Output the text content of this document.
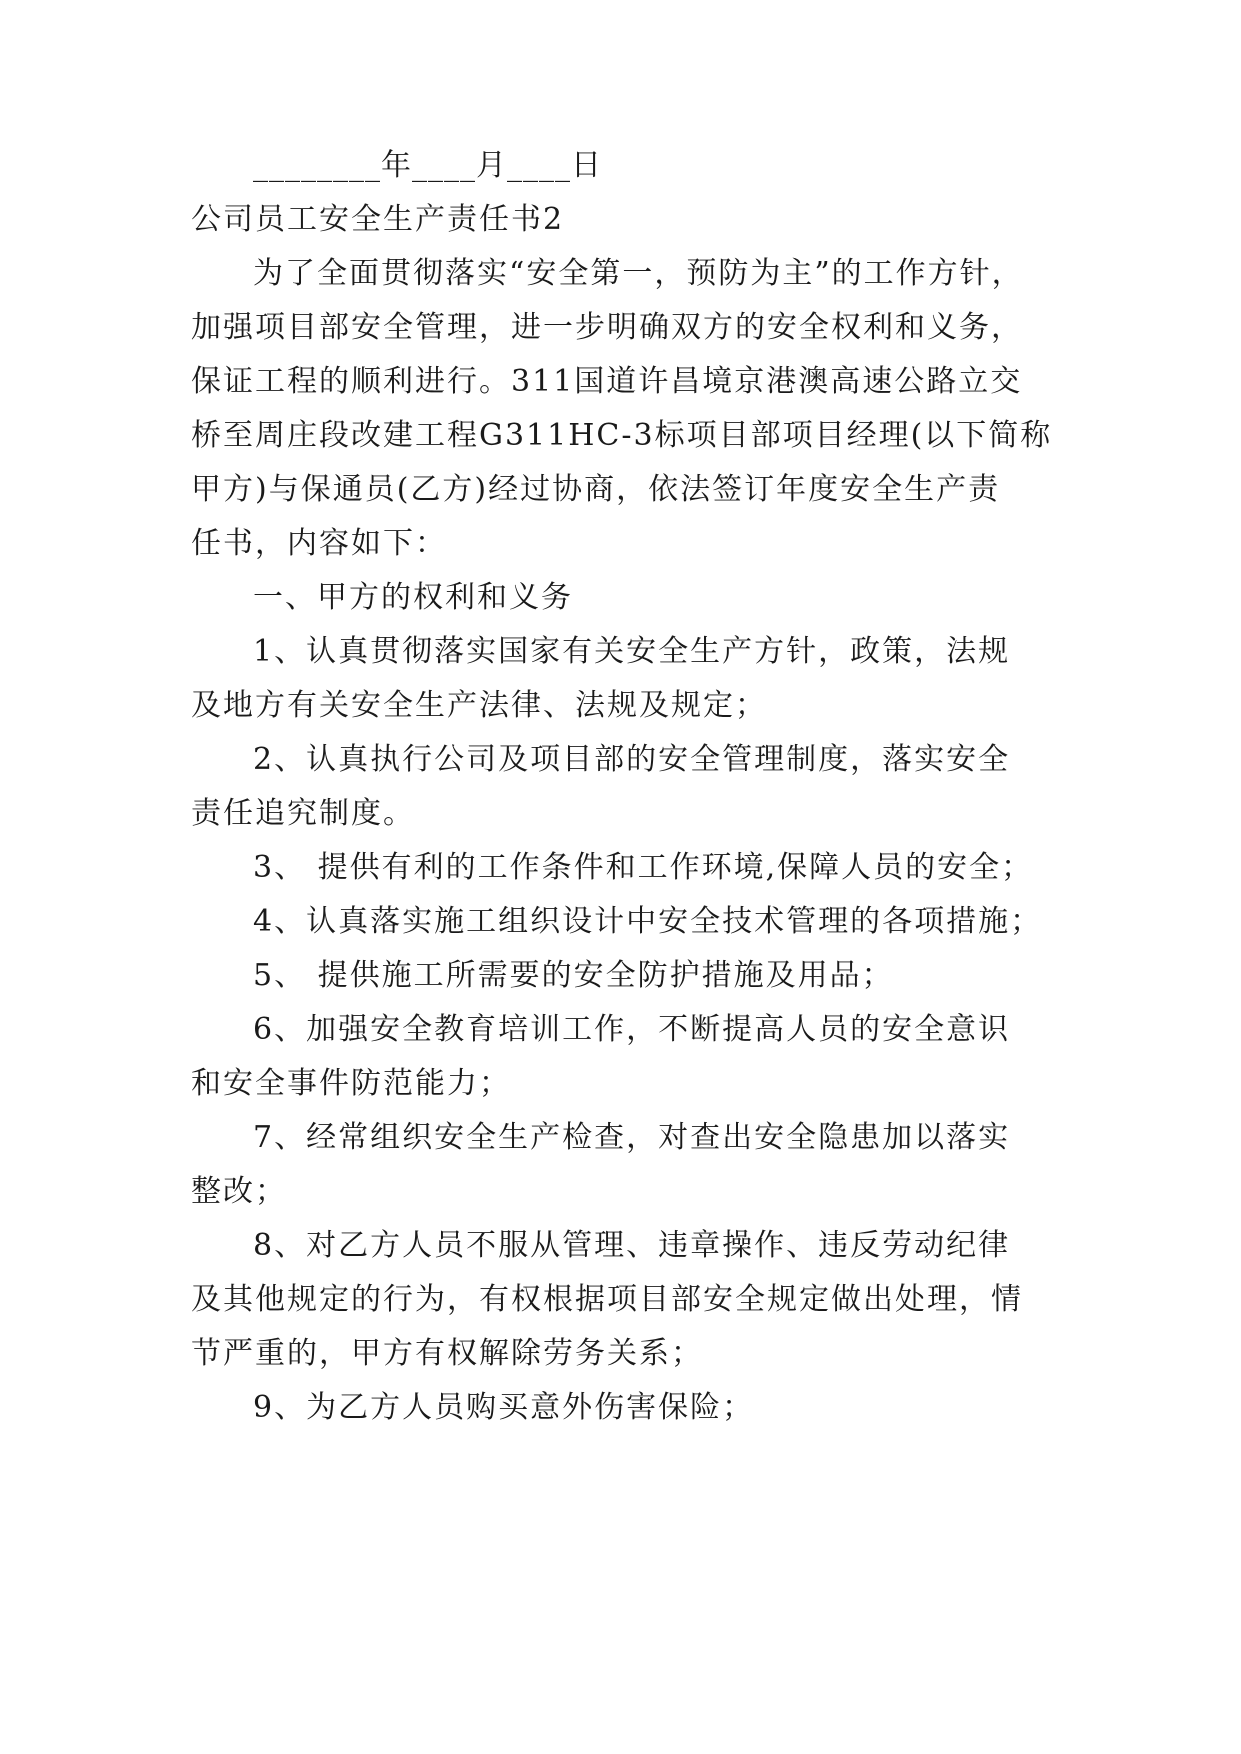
________年____月____日
公司员工安全生产责任书2
为了全面贯彻落实“安全第一，预防为主”的工作方针，
加强项目部安全管理，进一步明确双方的安全权利和义务，
保证工程的顺利进行。311国道许昌境京港澳高速公路立交
桥至周庄段改建工程G311HC-3标项目部项目经理(以下简称
甲方)与保通员(乙方)经过协商，依法签订年度安全生产责
任书，内容如下：
一、甲方的权利和义务
1、认真贯彻落实国家有关安全生产方针，政策，法规
及地方有关安全生产法律、法规及规定；
2、认真执行公司及项目部的安全管理制度，落实安全
责任追究制度。
3、 提供有利的工作条件和工作环境,保障人员的安全；
4、认真落实施工组织设计中安全技术管理的各项措施；
5、 提供施工所需要的安全防护措施及用品；
6、加强安全教育培训工作，不断提高人员的安全意识
和安全事件防范能力；
7、经常组织安全生产检查，对查出安全隐患加以落实
整改；
8、对乙方人员不服从管理、违章操作、违反劳动纪律
及其他规定的行为，有权根据项目部安全规定做出处理，情
节严重的，甲方有权解除劳务关系；
9、为乙方人员购买意外伤害保险；
